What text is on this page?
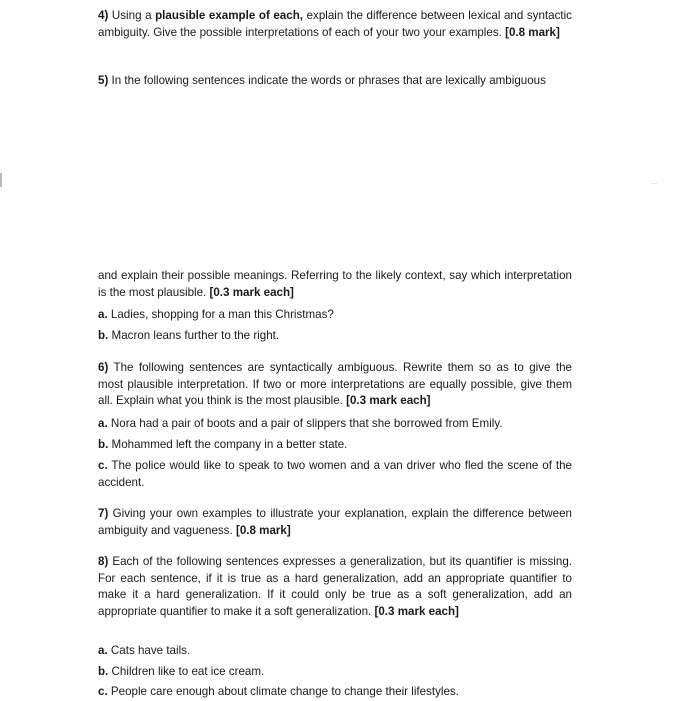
4) Using a plausible example of each, explain the difference between lexical and syntactic ambiguity. Give the possible interpretations of each of your two your examples. [0.8 mark]

5) In the following sentences indicate the words or phrases that are lexically ambiguous

and explain their possible meanings. Referring to the likely context, say which interpretation is the most plausible. [0.3 mark each]

a. Ladies, shopping for a man this Christmas?
b. Macron leans further to the right.

6) The following sentences are syntactically ambiguous. Rewrite them so as to give the most plausible interpretation. If two or more interpretations are equally possible, give them all. Explain what you think is the most plausible. [0.3 mark each]

a. Nora had a pair of boots and a pair of slippers that she borrowed from Emily.
b. Mohammed left the company in a better state.
c. The police would like to speak to two women and a van driver who fled the scene of the accident.

7) Giving your own examples to illustrate your explanation, explain the difference between ambiguity and vagueness. [0.8 mark]

8) Each of the following sentences expresses a generalization, but its quantifier is missing. For each sentence, if it is true as a hard generalization, add an appropriate quantifier to make it a hard generalization. If it could only be true as a soft generalization, add an appropriate quantifier to make it a soft generalization. [0.3 mark each]

a. Cats have tails.
b. Children like to eat ice cream.
c. People care enough about climate change to change their lifestyles.
